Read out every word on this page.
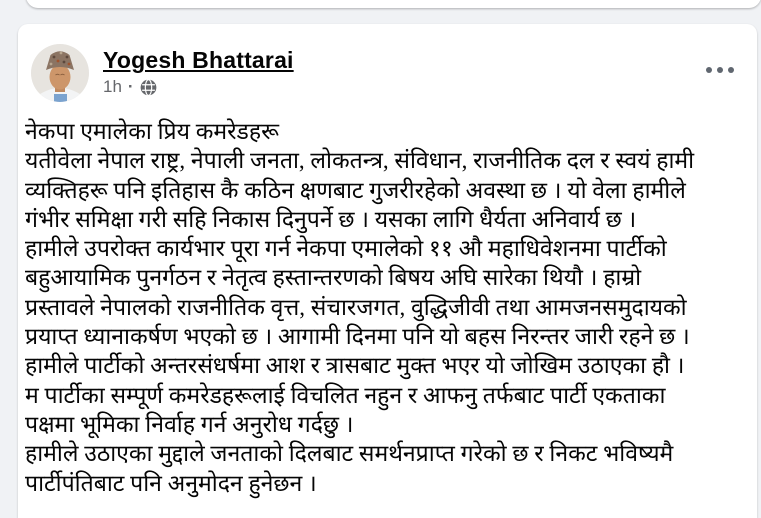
Yogesh Bhattarai
1h ·
नेकपा एमालेका प्रिय कमरेडहरू
यतीवेला नेपाल राष्ट्र, नेपाली जनता, लोकतन्त्र, संविधान, राजनीतिक दल र स्वयं हामी
व्यक्तिहरू पनि इतिहास कै कठिन क्षणबाट गुजरीरहेको अवस्था छ । यो वेला हामीले
गंभीर समिक्षा गरी सहि निकास दिनुपर्ने छ । यसका लागि धैर्यता अनिवार्य छ ।
हामीले उपरोक्त कार्यभार पूरा गर्न नेकपा एमालेको ११ औ महाधिवेशनमा पार्टीको
बहुआयामिक पुनर्गठन र नेतृत्व हस्तान्तरणको बिषय अघि सारेका थियौ । हाम्रो
प्रस्तावले नेपालको राजनीतिक वृत्त, संचारजगत, वुद्धिजीवी तथा आमजनसमुदायको
प्रयाप्त ध्यानाकर्षण भएको छ । आगामी दिनमा पनि यो बहस निरन्तर जारी रहने छ ।
हामीले पार्टीको अन्तरसंधर्षमा आश र त्रासबाट मुक्त भएर यो जोखिम उठाएका हौ ।
म पार्टीका सम्पूर्ण कमरेडहरूलाई विचलित नहुन र आफनु तर्फबाट पार्टी एकताका
पक्षमा भूमिका निर्वाह गर्न अनुरोध गर्दछु ।
हामीले उठाएका मुद्दाले जनताको दिलबाट समर्थनप्राप्त गरेको छ र निकट भविष्यमै
पार्टीपंतिबाट पनि अनुमोदन हुनेछन ।
